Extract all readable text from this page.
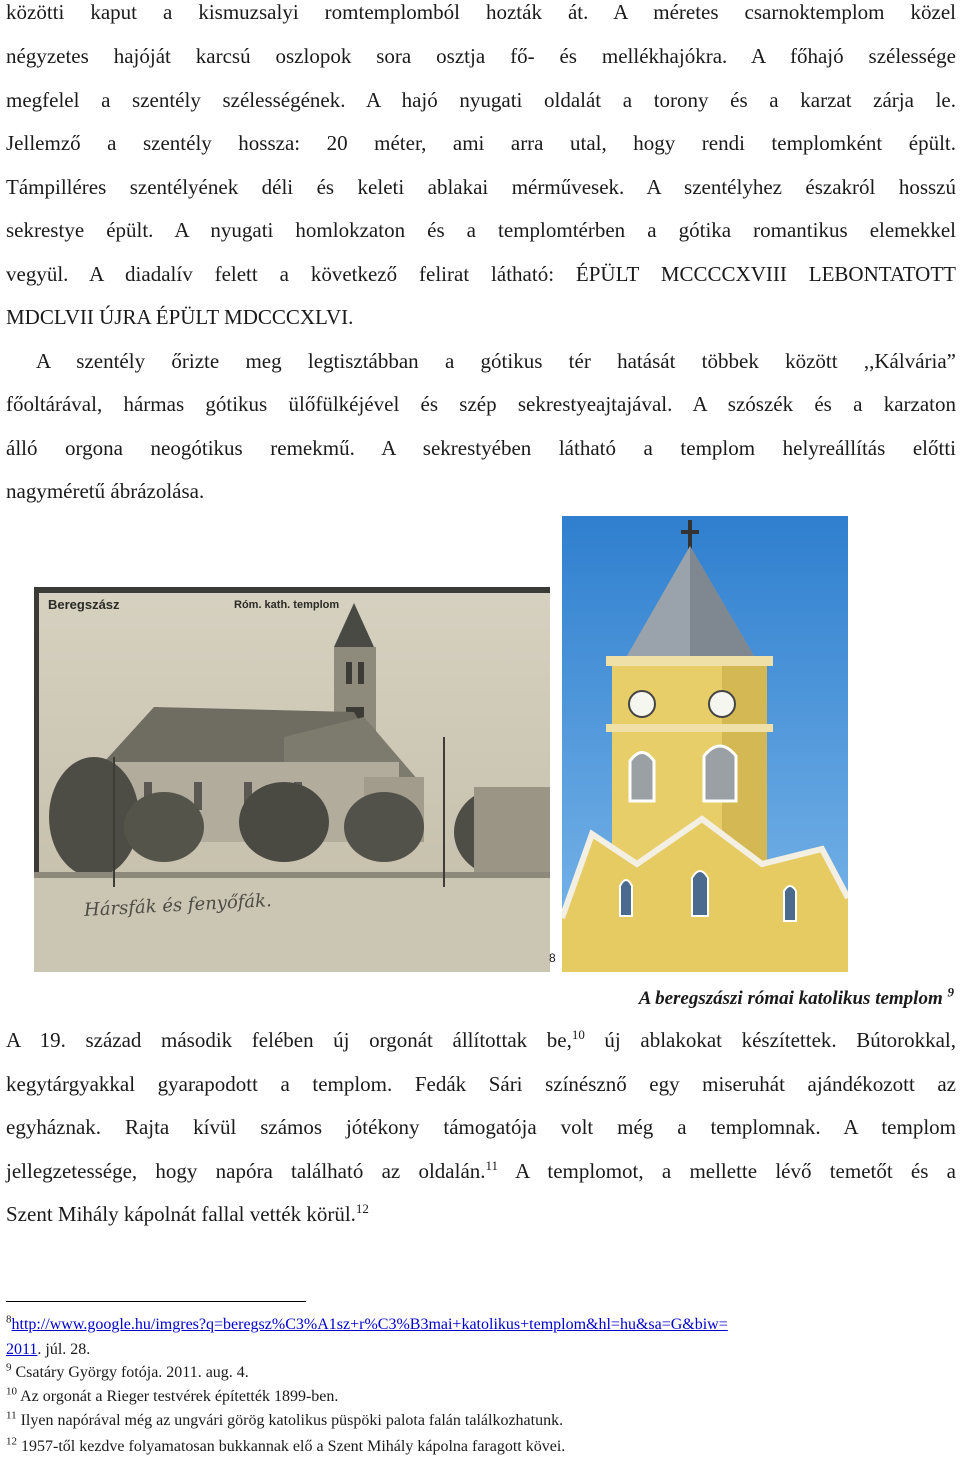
közötti kaput a kismuzsalyi romtemplomból hozták át. A méretes csarnoktemplom közel
négyzetes hajóját karcsú oszlopok sora osztja fő- és mellékhajókra. A főhajó szélessége
megfelel a szentély szélességének. A hajó nyugati oldalát a torony és a karzat zárja le.
Jellemző a szentély hossza: 20 méter, ami arra utal, hogy rendi templomként épült.
Támpilléres szentélyének déli és keleti ablakai mérművesek. A szentélyhez északról hosszú
sekrestye épült. A nyugati homlokzaton és a templomtérben a gótika romantikus elemekkel
vegyül. A diadalív felett a következő felirat látható: ÉPÜLT MCCCCXVIII LEBONTATOTT
MDCLVII ÚJRA ÉPÜLT MDCCCXLVI.
A szentély őrizte meg legtisztábban a gótikus tér hatását többek között ,,Kálvária”
főoltárával, hármas gótikus ülőfülkéjével és szép sekrestyeajtajával. A szószék és a karzaton
álló orgona neogótikus remekmű. A sekrestyében látható a templom helyreállítás előtti
nagyméretű ábrázolása.
Beregszász	Róm. kath. templom
Hársfák és fenyőfák.
8
A beregszászi római katolikus templom $^9$
A 19. század második felében új orgonát állítottak be,$^{10}$ új ablakokat készítettek. Bútorokkal,
kegytárgyakkal gyarapodott a templom. Fedák Sári színésznő egy miseruhát ajándékozott az
egyháznak. Rajta kívül számos jótékony támogatója volt még a templomnak. A templom
jellegzetessége, hogy napóra található az oldalán.$^{11}$ A templomot, a mellette lévő temetőt és a
Szent Mihály kápolnát fallal vették körül.$^{12}$
$^8$http://www.google.hu/imgres?q=beregsz%C3%A1sz+r%C3%B3mai+katolikus+templom&hl=hu&sa=G&biw=
2011. júl. 28.
$^9$ Csatáry György fotója. 2011. aug. 4.
$^{10}$ Az orgonát a Rieger testvérek építették 1899-ben.
$^{11}$ Ilyen napórával még az ungvári görög katolikus püspöki palota falán találkozhatunk.
$^{12}$ 1957-től kezdve folyamatosan bukkannak elő a Szent Mihály kápolna faragott kövei.
